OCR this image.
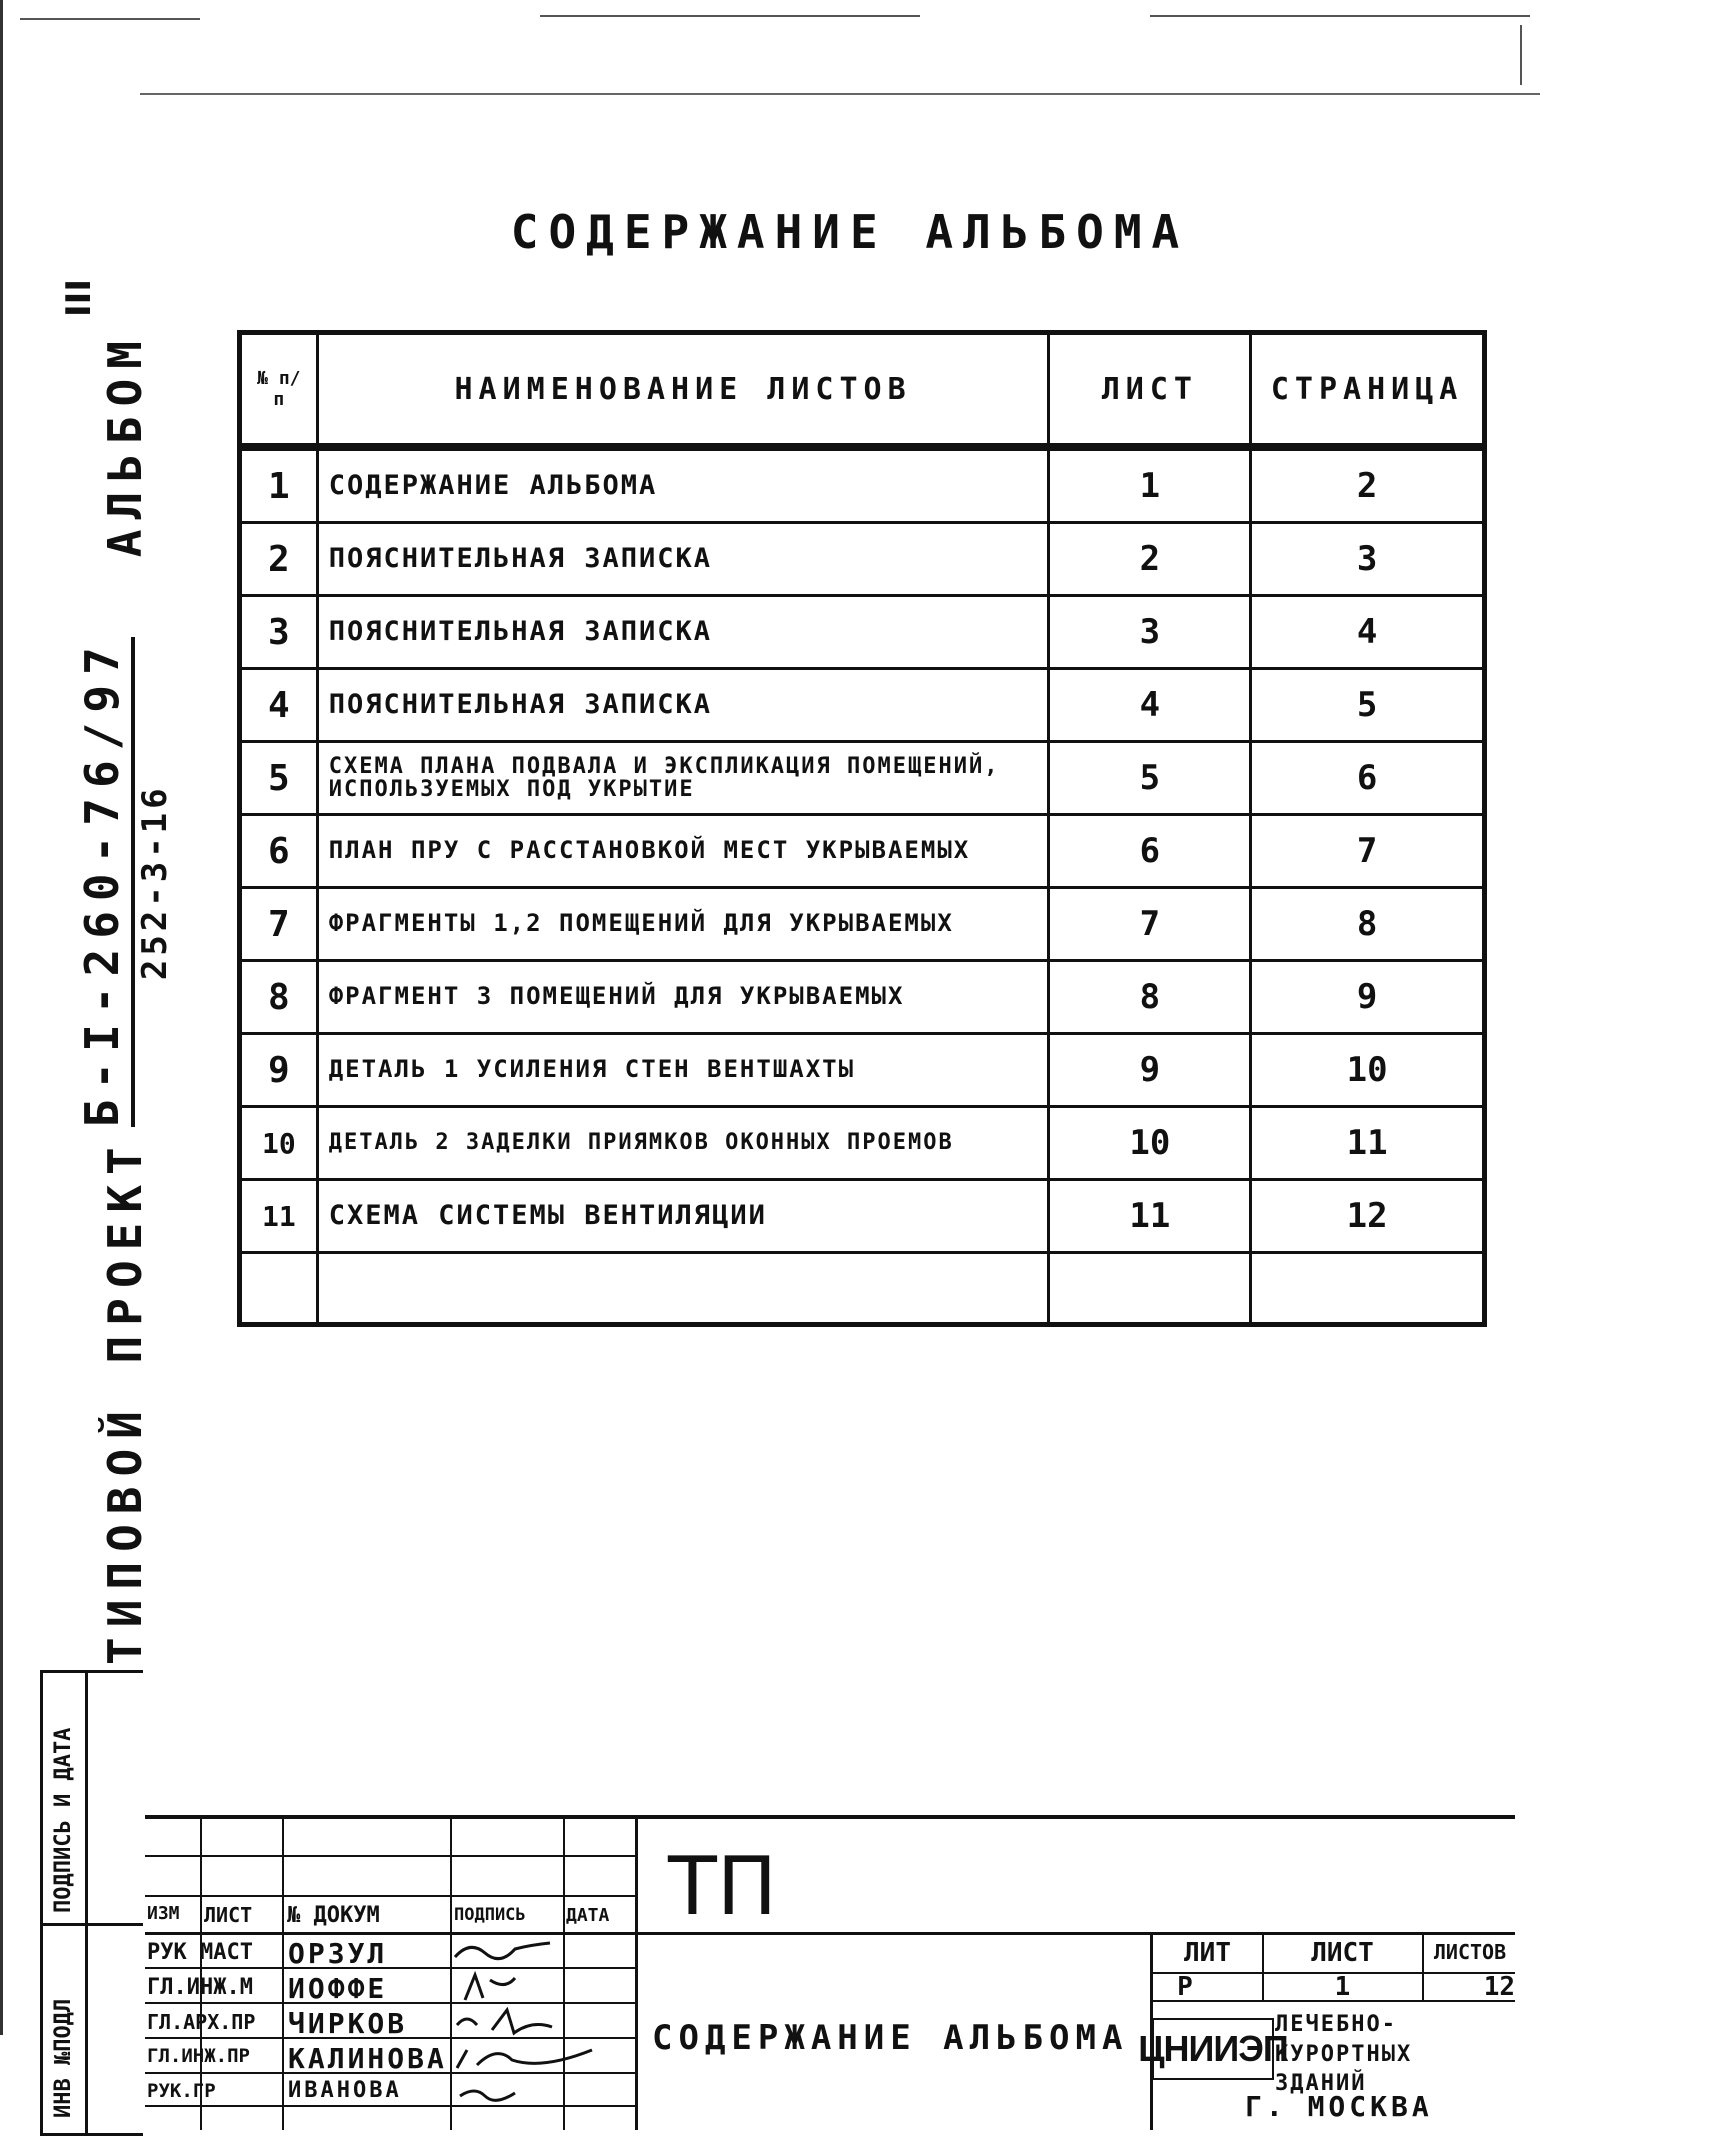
СОДЕРЖАНИЕ АЛЬБОМА
№ п/п	НАИМЕНОВАНИЕ ЛИСТОВ	ЛИСТ	СТРАНИЦА
1	СОДЕРЖАНИЕ АЛЬБОМА	1	2
2	ПОЯСНИТЕЛЬНАЯ ЗАПИСКА	2	3
3	ПОЯСНИТЕЛЬНАЯ ЗАПИСКА	3	4
4	ПОЯСНИТЕЛЬНАЯ ЗАПИСКА	4	5
5	СХЕМА ПЛАНА ПОДВАЛА И ЭКСПЛИКАЦИЯ ПОМЕЩЕНИЙ, ИСПОЛЬЗУЕМЫХ ПОД УКРЫТИЕ	5	6
6	ПЛАН ПРУ С РАССТАНОВКОЙ МЕСТ УКРЫВАЕМЫХ	6	7
7	ФРАГМЕНТЫ 1,2 ПОМЕЩЕНИЙ ДЛЯ УКРЫВАЕМЫХ	7	8
8	ФРАГМЕНТ 3 ПОМЕЩЕНИЙ ДЛЯ УКРЫВАЕМЫХ	8	9
9	ДЕТАЛЬ 1 УСИЛЕНИЯ СТЕН ВЕНТШАХТЫ	9	10
10	ДЕТАЛЬ 2 ЗАДЕЛКИ ПРИЯМКОВ ОКОННЫХ ПРОЕМОВ	10	11
11	СХЕМА СИСТЕМЫ ВЕНТИЛЯЦИИ	11	12

III
ТИПОВОЙ ПРОЕКТ
Б-I-260-76/97 252-3-16
АЛЬБОМ
ПОДПИСЬ И ДАТА
ИНВ №ПОДЛ
ИЗМ	ЛИСТ	№ ДОКУМ	ПОДПИСЬ	ДАТА
РУК МАСТ	ОРЗУЛ
ГЛ.ИНЖ.М	ИОФФЕ
ГЛ.АРХ.ПР	ЧИРКОВ
ГЛ.ИНЖ.ПР	КАЛИНОВА
РУК.ГР	ИВАНОВА
ТП
СОДЕРЖАНИЕ АЛЬБОМА
ЛИТ	ЛИСТ	ЛИСТОВ
Р	1	12
ЦНИИЭП
ЛЕЧЕБНО-КУРОРТНЫХ ЗДАНИЙ
Г. МОСКВА
